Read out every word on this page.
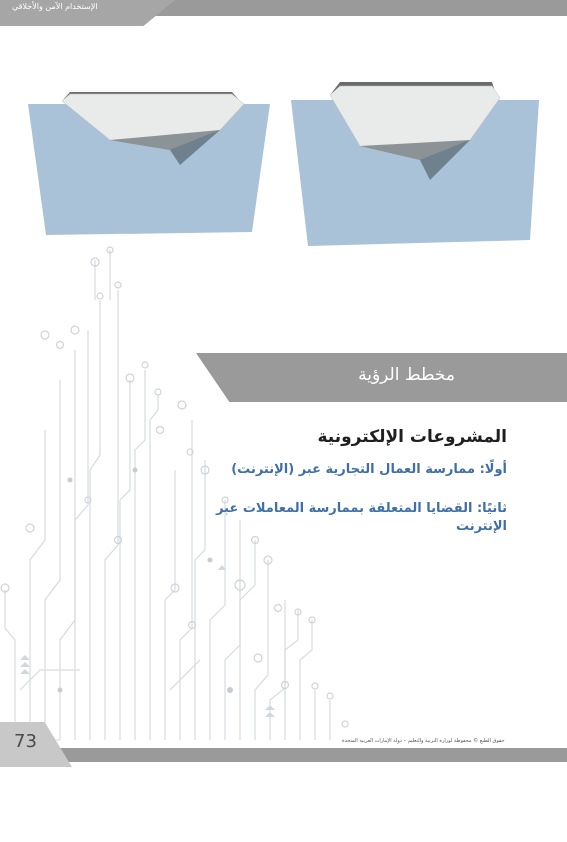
الإستخدام الآمن والأخلاقي
مخطط الرؤية
المشروعات الإلكترونية
أولًا: ممارسة العمال التجارية عبر (الإنترنت)
ثانيًا: القضايا المتعلقة بممارسة المعاملات عبر
الإنترنت
73	حقوق الطبع © محفوظة لوزارة التربية والتعليم – دولة الإمارات العربية المتحدة
